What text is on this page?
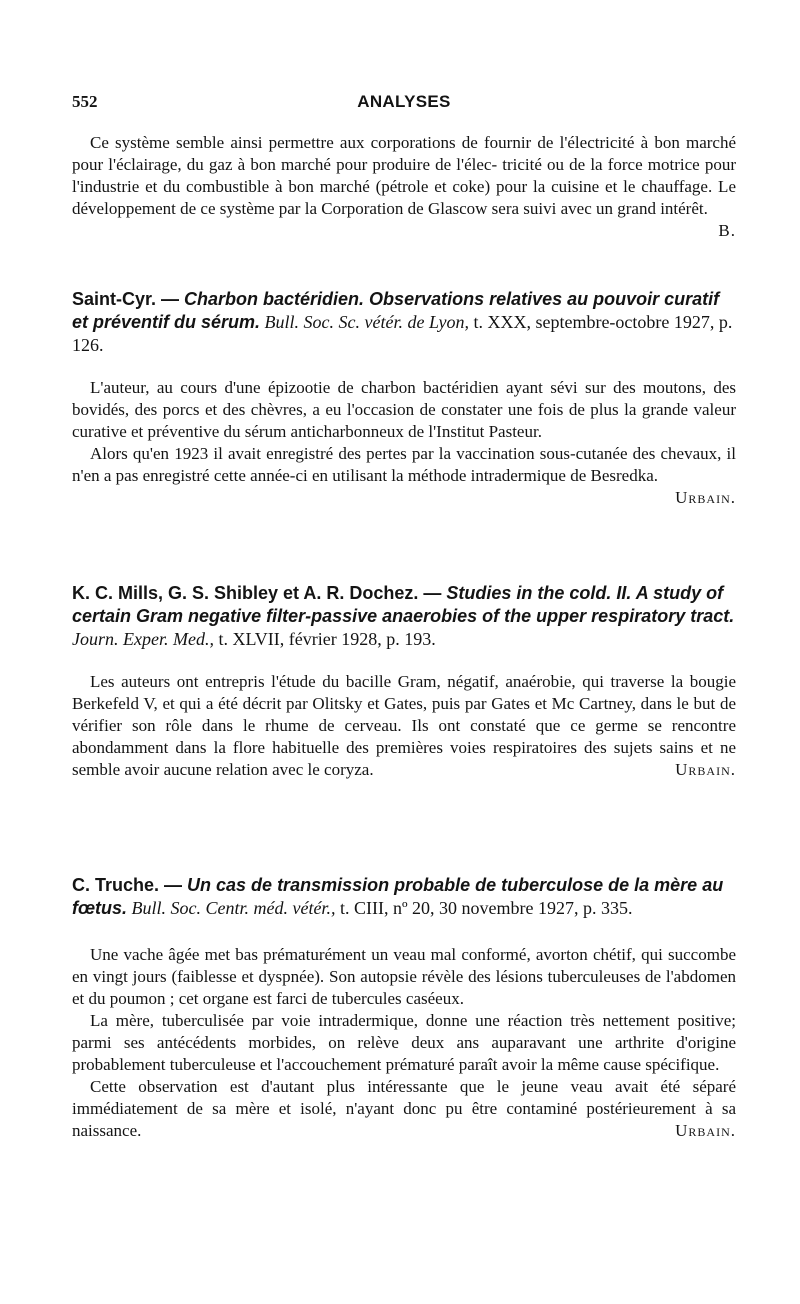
552	ANALYSES

Ce système semble ainsi permettre aux corporations de fournir de l'électricité à bon marché pour l'éclairage, du gaz à bon marché pour produire de l'élec- tricité ou de la force motrice pour l'industrie et du combustible à bon marché (pétrole et coke) pour la cuisine et le chauffage. Le développement de ce système par la Corporation de Glascow sera suivi avec un grand intérêt.
B.

Saint-Cyr. — Charbon bactéridien. Observations relatives au pouvoir curatif et préventif du sérum. Bull. Soc. Sc. vétér. de Lyon, t. XXX, septembre-octobre 1927, p. 126.

L'auteur, au cours d'une épizootie de charbon bactéridien ayant sévi sur des moutons, des bovidés, des porcs et des chèvres, a eu l'occasion de constater une fois de plus la grande valeur curative et préventive du sérum anticharbonneux de l'Institut Pasteur.

Alors qu'en 1923 il avait enregistré des pertes par la vaccination sous-cutanée des chevaux, il n'en a pas enregistré cette année-ci en utilisant la méthode intradermique de Besredka.
Urbain.

K. C. Mills, G. S. Shibley et A. R. Dochez. — Studies in the cold. II. A study of certain Gram negative filter-passive anaerobies of the upper respiratory tract. Journ. Exper. Med., t. XLVII, février 1928, p. 193.

Les auteurs ont entrepris l'étude du bacille Gram, négatif, anaérobie, qui traverse la bougie Berkefeld V, et qui a été décrit par Olitsky et Gates, puis par Gates et Mc Cartney, dans le but de vérifier son rôle dans le rhume de cerveau. Ils ont constaté que ce germe se rencontre abondamment dans la flore habituelle des premières voies respiratoires des sujets sains et ne semble avoir aucune relation avec le coryza.	Urbain.

C. Truche. — Un cas de transmission probable de tuberculose de la mère au fœtus. Bull. Soc. Centr. méd. vétér., t. CIII, nº 20, 30 novembre 1927, p. 335.

Une vache âgée met bas prématurément un veau mal conformé, avorton chétif, qui succombe en vingt jours (faiblesse et dyspnée). Son autopsie révèle des lésions tuberculeuses de l'abdomen et du poumon ; cet organe est farci de tubercules caséeux.

La mère, tuberculisée par voie intradermique, donne une réaction très nettement positive; parmi ses antécédents morbides, on relève deux ans auparavant une arthrite d'origine probablement tuberculeuse et l'accouchement prématuré paraît avoir la même cause spécifique.

Cette observation est d'autant plus intéressante que le jeune veau avait été séparé immédiatement de sa mère et isolé, n'ayant donc pu être contaminé postérieurement à sa naissance.	Urbain.
